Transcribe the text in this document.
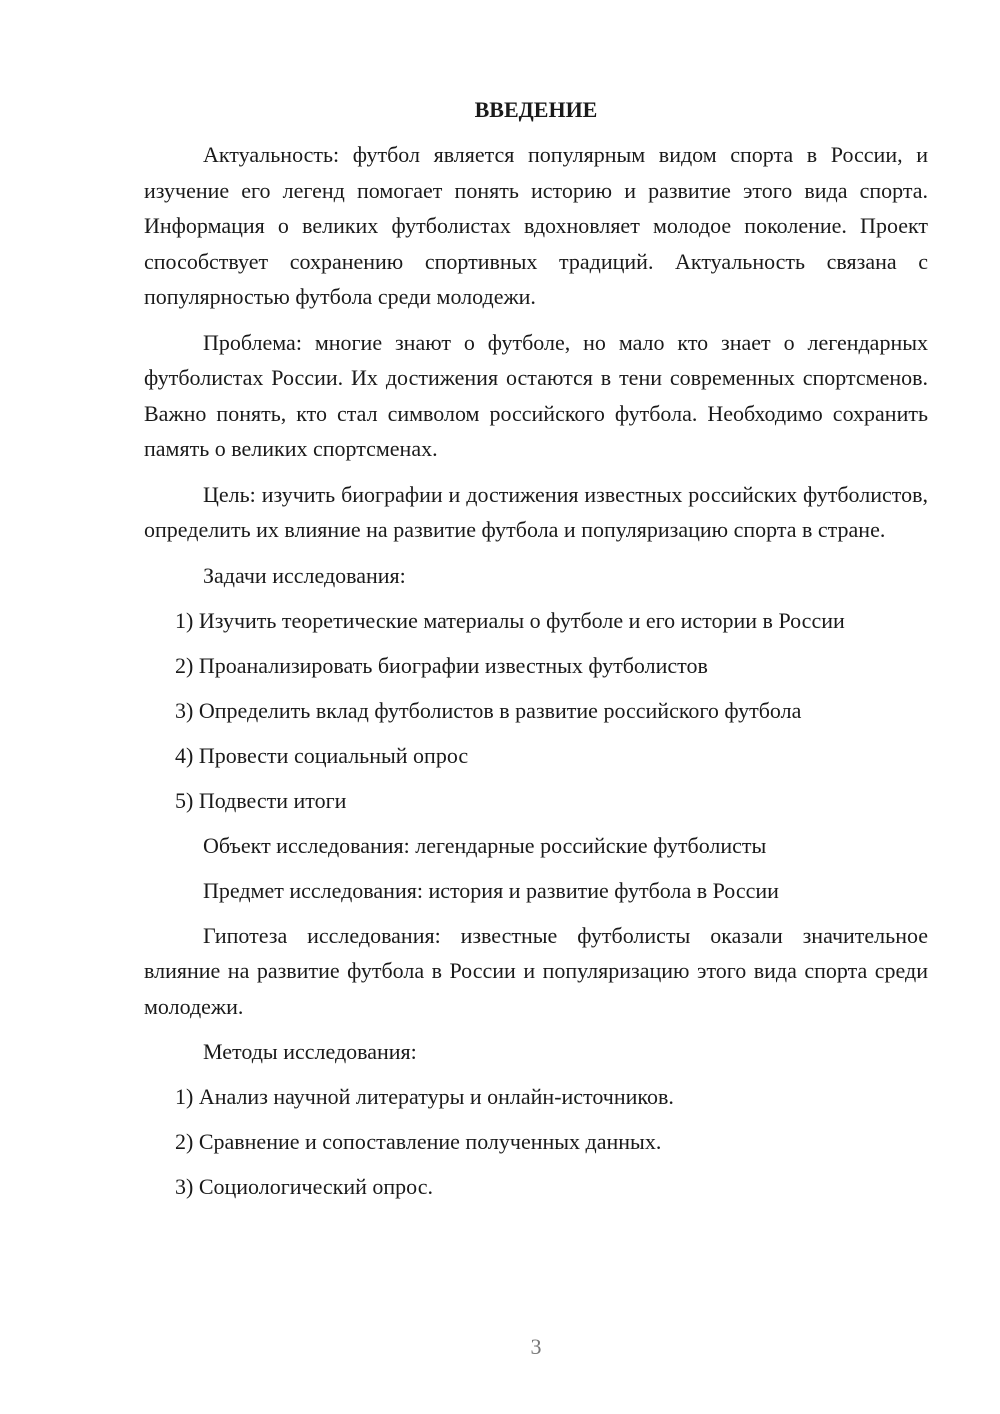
ВВЕДЕНИЕ

Актуальность: футбол является популярным видом спорта в России, и изучение его легенд помогает понять историю и развитие этого вида спорта. Информация о великих футболистах вдохновляет молодое поколение. Проект способствует сохранению спортивных традиций. Актуальность связана с популярностью футбола среди молодежи.

Проблема: многие знают о футболе, но мало кто знает о легендарных футболистах России. Их достижения остаются в тени современных спортсменов. Важно понять, кто стал символом российского футбола. Необходимо сохранить память о великих спортсменах.

Цель: изучить биографии и достижения известных российских футболистов, определить их влияние на развитие футбола и популяризацию спорта в стране.

Задачи исследования:
1) Изучить теоретические материалы о футболе и его истории в России
2) Проанализировать биографии известных футболистов
3) Определить вклад футболистов в развитие российского футбола
4) Провести социальный опрос
5) Подвести итоги
Объект исследования: легендарные российские футболисты
Предмет исследования: история и развитие футбола в России

Гипотеза исследования: известные футболисты оказали значительное влияние на развитие футбола в России и популяризацию этого вида спорта среди молодежи.

Методы исследования:
1) Анализ научной литературы и онлайн-источников.
2) Сравнение и сопоставление полученных данных.
3) Социологический опрос.
3
